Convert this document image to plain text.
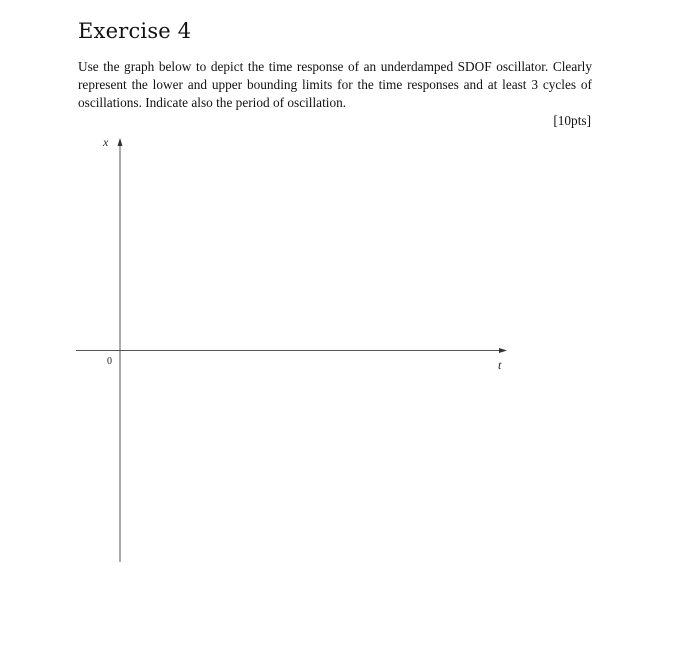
Exercise 4

Use the graph below to depict the time response of an underdamped SDOF oscillator. Clearly represent the lower and upper bounding limits for the time responses and at least 3 cycles of oscillations. Indicate also the period of oscillation.

[10pts]
x
t
0
